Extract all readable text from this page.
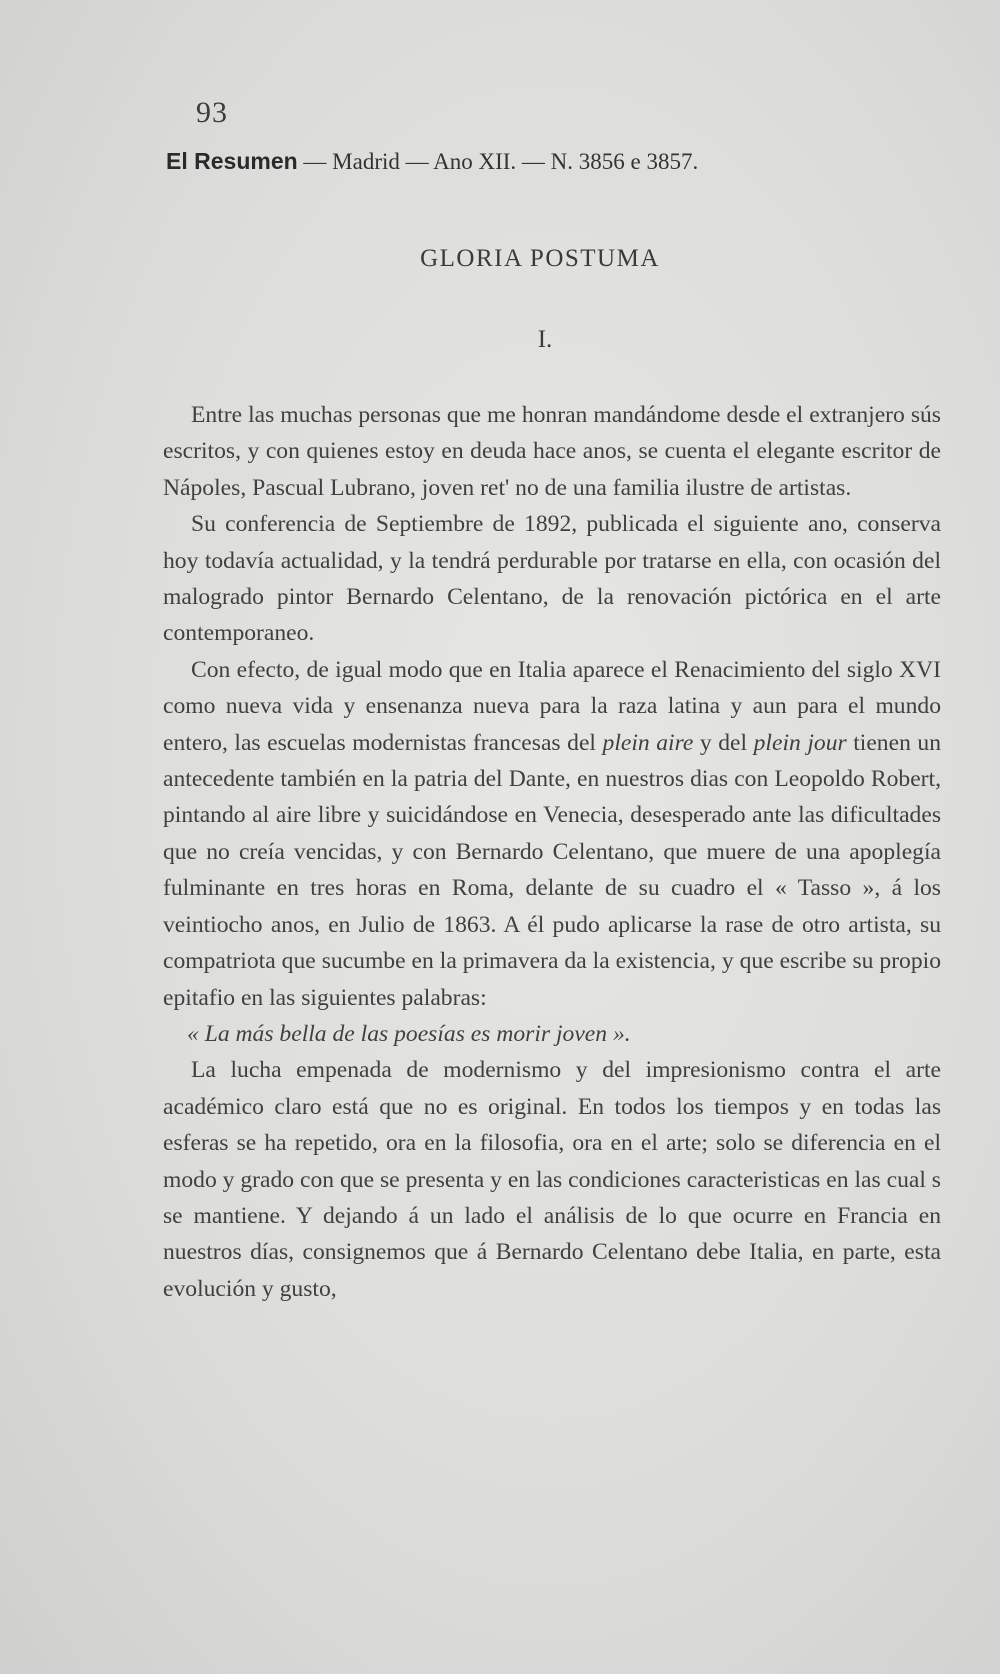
93
El Resumen — Madrid — Ano XII. — N. 3856 e 3857.
GLORIA POSTUMA
I.

Entre las muchas personas que me honran mandándome desde el extranjero sús escritos, y con quienes estoy en deuda hace anos, se cuenta el elegante escritor de Nápoles, Pascual Lubrano, joven ret' no de una familia ilustre de artistas.

Su conferencia de Septiembre de 1892, publicada el siguiente ano, conserva hoy todavía actualidad, y la tendrá perdurable por tratarse en ella, con ocasión del malogrado pintor Bernardo Celentano, de la renovación pictórica en el arte contemporaneo.

Con efecto, de igual modo que en Italia aparece el Renacimiento del siglo XVI como nueva vida y ensenanza nueva para la raza latina y aun para el mundo entero, las escuelas modernistas francesas del plein aire y del plein jour tienen un antecedente también en la patria del Dante, en nuestros dias con Leopoldo Robert, pintando al aire libre y suicidándose en Venecia, desesperado ante las dificultades que no creía vencidas, y con Bernardo Celentano, que muere de una apoplegía fulminante en tres horas en Roma, delante de su cuadro el « Tasso », á los veintiocho anos, en Julio de 1863. A él pudo aplicarse la rase de otro artista, su compatriota que sucumbe en la primavera da la existencia, y que escribe su propio epitafio en las siguientes palabras:

« La más bella de las poesías es morir joven ».

La lucha empenada de modernismo y del impresionismo contra el arte académico claro está que no es original. En todos los tiempos y en todas las esferas se ha repetido, ora en la filosofia, ora en el arte; solo se diferencia en el modo y grado con que se presenta y en las condiciones caracteristicas en las cual s se mantiene. Y dejando á un lado el análisis de lo que ocurre en Francia en nuestros días, consignemos que á Bernardo Celentano debe Italia, en parte, esta evolución y gusto,
